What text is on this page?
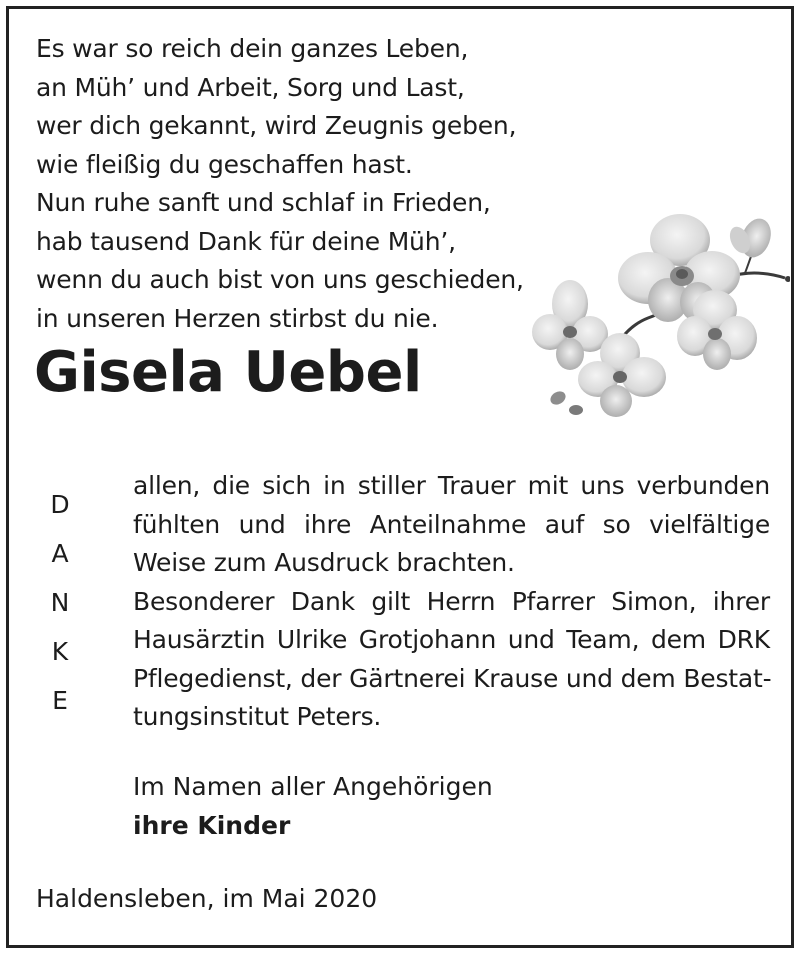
Es war so reich dein ganzes Leben,
an Müh’ und Arbeit, Sorg und Last,
wer dich gekannt, wird Zeugnis geben,
wie fleißig du geschaffen hast.
Nun ruhe sanft und schlaf in Frieden,
hab tausend Dank für deine Müh’,
wenn du auch bist von uns geschieden,
in unseren Herzen stirbst du nie.
Gisela Uebel
D
A
N
K
E
allen, die sich in stiller Trauer mit uns verbunden
fühlten und ihre Anteilnahme auf so vielfältige
Weise zum Ausdruck brachten.
Besonderer Dank gilt Herrn Pfarrer Simon, ihrer
Hausärztin Ulrike Grotjohann und Team, dem DRK
Pflegedienst, der Gärtnerei Krause und dem Bestat-
tungsinstitut Peters.
Im Namen aller Angehörigen
ihre Kinder
Haldensleben, im Mai 2020
